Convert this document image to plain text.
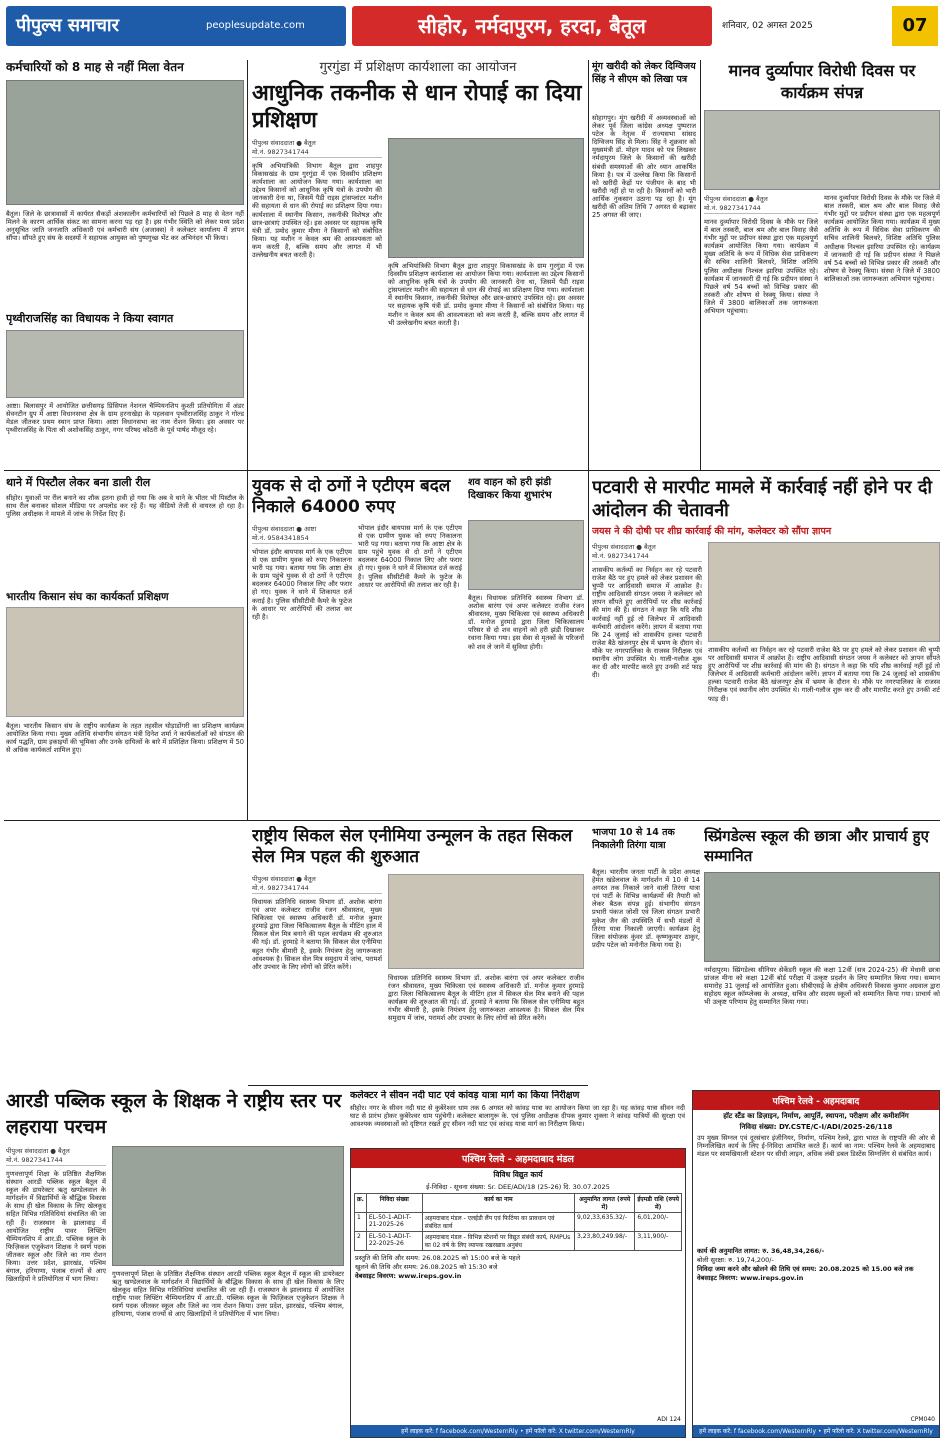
पीपुल्स समाचार	peoplesupdate.com	सीहोर, नर्मदापुरम, हरदा, बैतूल	शनिवार, 02 अगस्त 2025	07
कर्मचारियों को 8 माह से नहीं मिला वेतन
बैतूल। जिले के छात्रावासों में कार्यरत सैकड़ों अंशकालीन कर्मचारियों को पिछले 8 माह से वेतन नहीं मिलने के कारण आर्थिक संकट का सामना करना पड़ रहा है। इस गंभीर स्थिति को लेकर मध्य प्रदेश अनुसूचित जाति जनजाति अधिकारी एवं कर्मचारी संघ (अजाक्स) ने कलेक्टर कार्यालय में ज्ञापन सौंपा। सौंपते हुए संघ के सदस्यों ने सहायक आयुक्त को पुष्पगुच्छ भेंट कर अभिनंदन भी किया।
पृथ्वीराजसिंह का विधायक ने किया स्वागत
आष्टा। बिलासपुर में आयोजित छत्तीसगढ़ प्रिंसिपल नेशनल चैम्पियनशिप कुश्ती प्रतियोगिता में अंडर सेवनटीन ग्रुप में आष्टा विधानसभा क्षेत्र के ग्राम हरनाखेड़ा के पहलवान पृथ्वीराजसिंह ठाकुर ने गोल्ड मेडल जीतकर प्रथम स्थान प्राप्त किया। आष्टा विधानसभा का नाम रोशन किया। इस अवसर पर पृथ्वीराजसिंह के पिता श्री अशोकसिंह ठाकुर, नगर परिषद कोठरी के पूर्व पार्षद मौजूद रहे।
थाने में पिस्टौल लेकर बना डाली रील
सीहोर। युवाओं पर रील बनाने का शौक इतना हावी हो गया कि अब वे थाने के भीतर भी पिस्टौल के साथ रील बनाकर सोशल मीडिया पर अपलोड कर रहे हैं। यह वीडियो तेजी से वायरल हो रहा है। पुलिस अधीक्षक ने मामले में जांच के निर्देश दिए हैं।
भारतीय किसान संघ का कार्यकर्ता प्रशिक्षण
बैतूल। भारतीय किसान संघ के राष्ट्रीय कार्यक्रम के तहत तहसील घोड़ाडोंगरी का प्रशिक्षण कार्यक्रम आयोजित किया गया। मुख्य अतिथि संभागीय संगठन मंत्री दिनेश शर्मा ने कार्यकर्ताओं को संगठन की कार्य पद्धति, ग्राम इकाइयों की भूमिका और उनके दायित्वों के बारे में प्रशिक्षित किया। प्रशिक्षण में 50 से अधिक कार्यकर्ता शामिल हुए।
गुरगुंडा में प्रशिक्षण कार्यशाला का आयोजन
आधुनिक तकनीक से धान रोपाई का दिया प्रशिक्षण
पीपुल्स संवाददाता ● बैतूल
मो.नं. 9827341744
कृषि अभियांत्रिकी विभाग बैतूल द्वारा शाहपुर विकासखंड के ग्राम गुरगुंडा में एक दिवसीय प्रशिक्षण कार्यशाला का आयोजन किया गया। कार्यशाला का उद्देश्य किसानों को आधुनिक कृषि यंत्रों के उपयोग की जानकारी देना था, जिसमें पैडी राइस ट्रांसप्लांटर मशीन की सहायता से धान की रोपाई का प्रशिक्षण दिया गया। कार्यशाला में स्थानीय किसान, तकनीकी विशेषज्ञ और छात्र-छात्राएं उपस्थित रहे। इस अवसर पर सहायक कृषि यंत्री डॉ. प्रमोद कुमार मीणा ने किसानों को संबोधित किया। यह मशीन न केवल श्रम की आवश्यकता को कम करती है, बल्कि समय और लागत में भी उल्लेखनीय बचत करती है।
कृषि अभियांत्रिकी विभाग बैतूल द्वारा शाहपुर विकासखंड के ग्राम गुरगुंडा में एक दिवसीय प्रशिक्षण कार्यशाला का आयोजन किया गया। कार्यशाला का उद्देश्य किसानों को आधुनिक कृषि यंत्रों के उपयोग की जानकारी देना था, जिसमें पैडी राइस ट्रांसप्लांटर मशीन की सहायता से धान की रोपाई का प्रशिक्षण दिया गया। कार्यशाला में स्थानीय किसान, तकनीकी विशेषज्ञ और छात्र-छात्राएं उपस्थित रहे। इस अवसर पर सहायक कृषि यंत्री डॉ. प्रमोद कुमार मीणा ने किसानों को संबोधित किया। यह मशीन न केवल श्रम की आवश्यकता को कम करती है, बल्कि समय और लागत में भी उल्लेखनीय बचत करती है।
युवक से दो ठगों ने एटीएम बदल निकाले 64000 रुपए
पीपुल्स संवाददाता ● आष्टा
मो.नं. 9584341854
भोपाल इंदौर बायपास मार्ग के एक एटीएम से एक ग्रामीण युवक को रुपए निकालना भारी पड़ गया। बताया गया कि आष्टा क्षेत्र के ग्राम पहुंचे युवक से दो ठगों ने एटीएम बदलकर 64000 निकाल लिए और फरार हो गए। युवक ने थाने में शिकायत दर्ज कराई है। पुलिस सीसीटीवी कैमरे के फुटेज के आधार पर आरोपियों की तलाश कर रही है।
भोपाल इंदौर बायपास मार्ग के एक एटीएम से एक ग्रामीण युवक को रुपए निकालना भारी पड़ गया। बताया गया कि आष्टा क्षेत्र के ग्राम पहुंचे युवक से दो ठगों ने एटीएम बदलकर 64000 निकाल लिए और फरार हो गए। युवक ने थाने में शिकायत दर्ज कराई है। पुलिस सीसीटीवी कैमरे के फुटेज के आधार पर आरोपियों की तलाश कर रही है।
शव वाहन को हरी झंडी दिखाकर किया शुभारंभ
बैतूल। विधायक प्रतिनिधि स्वास्थ्य विभाग डॉ. अशोक बारंगा एवं अपर कलेक्टर राजीव रंजन श्रीवास्तव, मुख्य चिकित्सा एवं स्वास्थ्य अधिकारी डॉ. मनोज हुरमाड़े द्वारा जिला चिकित्सालय परिसर से दो शव वाहनों को हरी झंडी दिखाकर रवाना किया गया। इस सेवा से मृतकों के परिजनों को शव ले जाने में सुविधा होगी।
राष्ट्रीय सिकल सेल एनीमिया उन्मूलन के तहत सिकल सेल मित्र पहल की शुरुआत
पीपुल्स संवाददाता ● बैतूल
मो.नं. 9827341744
विधायक प्रतिनिधि स्वास्थ्य विभाग डॉ. अशोक बारंगा एवं अपर कलेक्टर राजीव रंजन श्रीवास्तव, मुख्य चिकित्सा एवं स्वास्थ्य अधिकारी डॉ. मनोज कुमार हुरमाड़े द्वारा जिला चिकित्सालय बैतूल के मीटिंग हाल में सिकल सेल मित्र बनाने की पहल कार्यक्रम की शुरुआत की गई। डॉ. हुरमाड़े ने बताया कि सिकल सेल एनीमिया बहुत गंभीर बीमारी है, इसके नियंत्रण हेतु जागरूकता आवश्यक है। सिकल सेल मित्र समुदाय में जांच, परामर्श और उपचार के लिए लोगों को प्रेरित करेंगे।
विधायक प्रतिनिधि स्वास्थ्य विभाग डॉ. अशोक बारंगा एवं अपर कलेक्टर राजीव रंजन श्रीवास्तव, मुख्य चिकित्सा एवं स्वास्थ्य अधिकारी डॉ. मनोज कुमार हुरमाड़े द्वारा जिला चिकित्सालय बैतूल के मीटिंग हाल में सिकल सेल मित्र बनाने की पहल कार्यक्रम की शुरुआत की गई। डॉ. हुरमाड़े ने बताया कि सिकल सेल एनीमिया बहुत गंभीर बीमारी है, इसके नियंत्रण हेतु जागरूकता आवश्यक है। सिकल सेल मित्र समुदाय में जांच, परामर्श और उपचार के लिए लोगों को प्रेरित करेंगे।
आरडी पब्लिक स्कूल के शिक्षक ने राष्ट्रीय स्तर पर लहराया परचम
पीपुल्स संवाददाता ● बैतूल
मो.नं. 9827341744
गुणवत्तापूर्ण शिक्षा के प्रतिष्ठित शैक्षणिक संस्थान आरडी पब्लिक स्कूल बैतूल में स्कूल की डायरेक्टर ऋतु खण्डेलवाल के मार्गदर्शन में विद्यार्थियों के बौद्धिक विकास के साथ ही खेल विकास के लिए खेलकूद सहित विभिन्न गतिविधियां संचालित की जा रही हैं। राजस्थान के झालावाड़ में आयोजित राष्ट्रीय पावर लिफ्टिंग चैम्पियनशिप में आर.डी. पब्लिक स्कूल के फिज़िकल एजुकेशन शिक्षक ने स्वर्ण पदक जीतकर स्कूल और जिले का नाम रोशन किया। उत्तर प्रदेश, झारखंड, पश्चिम बंगाल, हरियाणा, पंजाब राज्यों से आए खिलाड़ियों ने प्रतियोगिता में भाग लिया।
गुणवत्तापूर्ण शिक्षा के प्रतिष्ठित शैक्षणिक संस्थान आरडी पब्लिक स्कूल बैतूल में स्कूल की डायरेक्टर ऋतु खण्डेलवाल के मार्गदर्शन में विद्यार्थियों के बौद्धिक विकास के साथ ही खेल विकास के लिए खेलकूद सहित विभिन्न गतिविधियां संचालित की जा रही हैं। राजस्थान के झालावाड़ में आयोजित राष्ट्रीय पावर लिफ्टिंग चैम्पियनशिप में आर.डी. पब्लिक स्कूल के फिज़िकल एजुकेशन शिक्षक ने स्वर्ण पदक जीतकर स्कूल और जिले का नाम रोशन किया। उत्तर प्रदेश, झारखंड, पश्चिम बंगाल, हरियाणा, पंजाब राज्यों से आए खिलाड़ियों ने प्रतियोगिता में भाग लिया।
मूंग खरीदी को लेकर दिग्विजय सिंह ने सीएम को लिखा पत्र
सोहागपुर। मूंग खरीदी में अव्यवस्थाओं को लेकर पूर्व जिला कांग्रेस अध्यक्ष पुष्पराज पटेल के नेतृत्व में राज्यसभा सांसद दिग्विजय सिंह से मिला। सिंह ने शुक्रवार को मुख्यमंत्री डॉ. मोहन यादव को पत्र लिखकर नर्मदापुरम जिले के किसानों की खरीदी संबंधी समस्याओं की ओर ध्यान आकर्षित किया है। पत्र में उल्लेख किया कि किसानों को खरीदी केंद्रों पर पंजीयन के बाद भी खरीदी नहीं हो पा रही है। किसानों को भारी आर्थिक नुकसान उठाना पड़ रहा है। मूंग खरीदी की अंतिम तिथि 7 अगस्त से बढ़ाकर 25 अगस्त की जाए।
मानव दुर्व्यापार विरोधी दिवस पर कार्यक्रम संपन्न
पीपुल्स संवाददाता ● बैतूल
मो.नं. 9827341744
मानव दुर्व्यापार विरोधी दिवस के मौके पर जिले में बाल तस्करी, बाल श्रम और बाल विवाह जैसे गंभीर मुद्दों पर प्रदीपन संस्था द्वारा एक महत्वपूर्ण कार्यक्रम आयोजित किया गया। कार्यक्रम में मुख्य अतिथि के रूप में विधिक सेवा प्राधिकरण की सचिव शालिनी बिलथरे, विशिष्ट अतिथि पुलिस अधीक्षक निश्चल झारिया उपस्थित रहे। कार्यक्रम में जानकारी दी गई कि प्रदीपन संस्था ने पिछले वर्ष 54 बच्चों को विभिन्न प्रकार की तस्करी और शोषण से रेस्क्यू किया। संस्था ने जिले में 3800 बालिकाओं तक जागरूकता अभियान पहुंचाया।
मानव दुर्व्यापार विरोधी दिवस के मौके पर जिले में बाल तस्करी, बाल श्रम और बाल विवाह जैसे गंभीर मुद्दों पर प्रदीपन संस्था द्वारा एक महत्वपूर्ण कार्यक्रम आयोजित किया गया। कार्यक्रम में मुख्य अतिथि के रूप में विधिक सेवा प्राधिकरण की सचिव शालिनी बिलथरे, विशिष्ट अतिथि पुलिस अधीक्षक निश्चल झारिया उपस्थित रहे। कार्यक्रम में जानकारी दी गई कि प्रदीपन संस्था ने पिछले वर्ष 54 बच्चों को विभिन्न प्रकार की तस्करी और शोषण से रेस्क्यू किया। संस्था ने जिले में 3800 बालिकाओं तक जागरूकता अभियान पहुंचाया।
पटवारी से मारपीट मामले में कार्रवाई नहीं होने पर दी आंदोलन की चेतावनी
जयस ने की दोषी पर शीघ्र कार्रवाई की मांग, कलेक्टर को सौंपा ज्ञापन
पीपुल्स संवाददाता ● बैतूल
मो.नं. 9827341744
शासकीय कर्तव्यों का निर्वहन कर रहे पटवारी राजेश बैठे पर हुए हमले को लेकर प्रशासन की चुप्पी पर आदिवासी समाज में आक्रोश है। राष्ट्रीय आदिवासी संगठन जयस ने कलेक्टर को ज्ञापन सौंपते हुए आरोपियों पर शीघ्र कार्रवाई की मांग की है। संगठन ने कहा कि यदि शीघ्र कार्रवाई नहीं हुई तो जिलेभर में आदिवासी कर्मचारी आंदोलन करेंगे। ज्ञापन में बताया गया कि 24 जुलाई को शासकीय हल्का पटवारी राजेश बैठे खंजनपुर क्षेत्र में भ्रमण के दौरान थे। मौके पर नगरपालिका के राजस्व निरीक्षक एवं स्थानीय लोग उपस्थित थे। गाली-गलौज शुरू कर दी और मारपीट करते हुए उनकी शर्ट फाड़ दी।
शासकीय कर्तव्यों का निर्वहन कर रहे पटवारी राजेश बैठे पर हुए हमले को लेकर प्रशासन की चुप्पी पर आदिवासी समाज में आक्रोश है। राष्ट्रीय आदिवासी संगठन जयस ने कलेक्टर को ज्ञापन सौंपते हुए आरोपियों पर शीघ्र कार्रवाई की मांग की है। संगठन ने कहा कि यदि शीघ्र कार्रवाई नहीं हुई तो जिलेभर में आदिवासी कर्मचारी आंदोलन करेंगे। ज्ञापन में बताया गया कि 24 जुलाई को शासकीय हल्का पटवारी राजेश बैठे खंजनपुर क्षेत्र में भ्रमण के दौरान थे। मौके पर नगरपालिका के राजस्व निरीक्षक एवं स्थानीय लोग उपस्थित थे। गाली-गलौज शुरू कर दी और मारपीट करते हुए उनकी शर्ट फाड़ दी।
भाजपा 10 से 14 तक निकालेगी तिरंगा यात्रा
बैतूल। भारतीय जनता पार्टी के प्रदेश अध्यक्ष हेमंत खंडेलवाल के मार्गदर्शन में 10 से 14 अगस्त तक निकाले जाने वाली तिरंगा यात्रा एवं पार्टी के विभिन्न कार्यक्रमों की तैयारी को लेकर बैठक संपन्न हुई। संभागीय संगठन प्रभारी पंकज जोशी एवं जिला संगठन प्रभारी मुकेश जैन की उपस्थिति में सभी मंडलों में तिरंगा यात्रा निकाली जाएगी। कार्यक्रम हेतु जिला संयोजक कुंवर डॉ. कृष्णकुमार ठाकुर, प्रदीप पटेल को मनोनीत किया गया है।
स्प्रिंगडेल्स स्कूल की छात्रा और प्राचार्य हुए सम्मानित
नर्मदापुरम। स्प्रिंगडेल्स सीनियर सेकेंडरी स्कूल की कक्षा 12वीं (सत्र 2024-25) की मेधावी छात्रा प्रांजल मीना को कक्षा 12वीं बोर्ड परीक्षा में उत्कृष्ट प्रदर्शन के लिए सम्मानित किया गया। सम्मान समारोह 31 जुलाई को आयोजित हुआ। सीबीएसई के क्षेत्रीय अधिकारी विकास कुमार अग्रवाल द्वारा सहोदय स्कूल कॉम्प्लेक्स के अध्यक्ष, सचिव और सदस्य स्कूलों को सम्मानित किया गया। प्राचार्य को भी उत्कृष्ट परिणाम हेतु सम्मानित किया गया।
कलेक्टर ने सीवन नदी घाट एवं कांवड़ यात्रा मार्ग का किया निरीक्षण
सीहोर। नगर के सीवन नदी घाट से कुबेरेश्वर धाम तक 6 अगस्त को कांवड़ यात्रा का आयोजन किया जा रहा है। यह कांवड़ यात्रा सीवन नदी घाट से प्रारंभ होकर कुबेरेश्वर धाम पहुंचेगी। कलेक्टर बालागुरू के. एवं पुलिस अधीक्षक दीपक कुमार शुक्ला ने कांवड़ यात्रियों की सुरक्षा एवं आवश्यक व्यवस्थाओं को दृष्टिगत रखते हुए सीवन नदी घाट एवं कांवड़ यात्रा मार्ग का निरीक्षण किया।
पश्चिम रेलवे - अहमदाबाद मंडल
विविध विद्युत कार्य
ई-निविदा - सूचना संख्या: Sr. DEE/ADI/18 (25-26) दि. 30.07.2025
क्र.	निविदा संख्या	कार्य का नाम	अनुमानित लागत (रुपये में)	ईएमडी राशि (रुपये में)
1	EL-50-1-ADI-T-21-2025-26	अहमदाबाद मंडल - एलईडी लैंप एवं फिटिंग्स का प्रावधान एवं संबंधित कार्य	9,02,33,635.32/-	6,01,200/-
2	EL-50-1-ADI-T-22-2025-26	अहमदाबाद मंडल - विभिन्न स्टेशनों पर विद्युत संबंधी कार्य, RMPUs का 02 वर्ष के लिए व्यापक रखरखाव अनुबंध	3,23,80,249.98/-	3,11,900/-
प्रस्तुति की तिथि और समय: 26.08.2025 को 15:00 बजे के पहले
खुलने की तिथि और समय: 26.08.2025 को 15:30 बजे
वेबसाइट विवरण: www.ireps.gov.in
ADI 124
हमें लाइक करें: f facebook.com/WesternRly • हमें फॉलो करें: X twitter.com/WesternRly
पश्चिम रेलवे - अहमदाबाद
हॉट स्टैंड का डिज़ाइन, निर्माण, आपूर्ति, स्थापना, परीक्षण और कमीशनिंग
निविदा संख्या: DY.CSTE/C-I/ADI/2025-26/118
उप मुख्य सिग्नल एवं दूरसंचार इंजीनियर, निर्माण, पश्चिम रेलवे, द्वारा भारत के राष्ट्रपति की ओर से निम्नलिखित कार्य के लिए ई-निविदा आमंत्रित करते हैं। कार्य का नाम: पश्चिम रेलवे के अहमदाबाद मंडल पर सामखियाली स्टेशन पर सीधी लाइन, अधिक लंबी डबल डिस्टेंस सिग्नलिंग से संबंधित कार्य।
कार्य की अनुमानित लागत: रु. 36,48,34,266/-
बोली सुरक्षा: रु. 19,74,200/-
निविदा जमा करने और खोलने की तिथि एवं समय: 20.08.2025 को 15.00 बजे तक
वेबसाइट विवरण: www.ireps.gov.in
CPM040
हमें लाइक करें: f facebook.com/WesternRly • हमें फॉलो करें: X twitter.com/WesternRly
